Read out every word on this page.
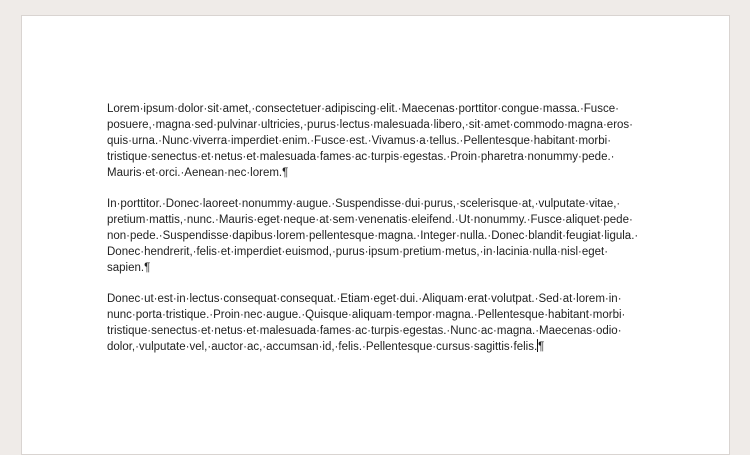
Lorem·​ipsum·​dolor·​sit·​amet,·​consectetuer·​adipiscing·​elit.·​Maecenas·​porttitor·​congue·​massa.·​Fusce·​posuere,·​magna·​sed·​pulvinar·​ultricies,·​purus·​lectus·​malesuada·​libero,·​sit·​amet·​commodo·​magna·​eros·​quis·​urna.·​Nunc·​viverra·​imperdiet·​enim.·​Fusce·​est.·​Vivamus·​a·​tellus.·​Pellentesque·​habitant·​morbi·​tristique·​senectus·​et·​netus·​et·​malesuada·​fames·​ac·​turpis·​egestas.·​Proin·​pharetra·​nonummy·​pede.·​Mauris·​et·​orci.·​Aenean·​nec·​lorem.¶

In·​porttitor.·​Donec·​laoreet·​nonummy·​augue.·​Suspendisse·​dui·​purus,·​scelerisque·​at,·​vulputate·​vitae,·​pretium·​mattis,·​nunc.·​Mauris·​eget·​neque·​at·​sem·​venenatis·​eleifend.·​Ut·​nonummy.·​Fusce·​aliquet·​pede·​non·​pede.·​Suspendisse·​dapibus·​lorem·​pellentesque·​magna.·​Integer·​nulla.·​Donec·​blandit·​feugiat·​ligula.·​Donec·​hendrerit,·​felis·​et·​imperdiet·​euismod,·​purus·​ipsum·​pretium·​metus,·​in·​lacinia·​nulla·​nisl·​eget·​sapien.¶

Donec·​ut·​est·​in·​lectus·​consequat·​consequat.·​Etiam·​eget·​dui.·​Aliquam·​erat·​volutpat.·​Sed·​at·​lorem·​in·​nunc·​porta·​tristique.·​Proin·​nec·​augue.·​Quisque·​aliquam·​tempor·​magna.·​Pellentesque·​habitant·​morbi·​tristique·​senectus·​et·​netus·​et·​malesuada·​fames·​ac·​turpis·​egestas.·​Nunc·​ac·​magna.·​Maecenas·​odio·​dolor,·​vulputate·​vel,·​auctor·​ac,·​accumsan·​id,·​felis.·​Pellentesque·​cursus·​sagittis·​felis.¶
